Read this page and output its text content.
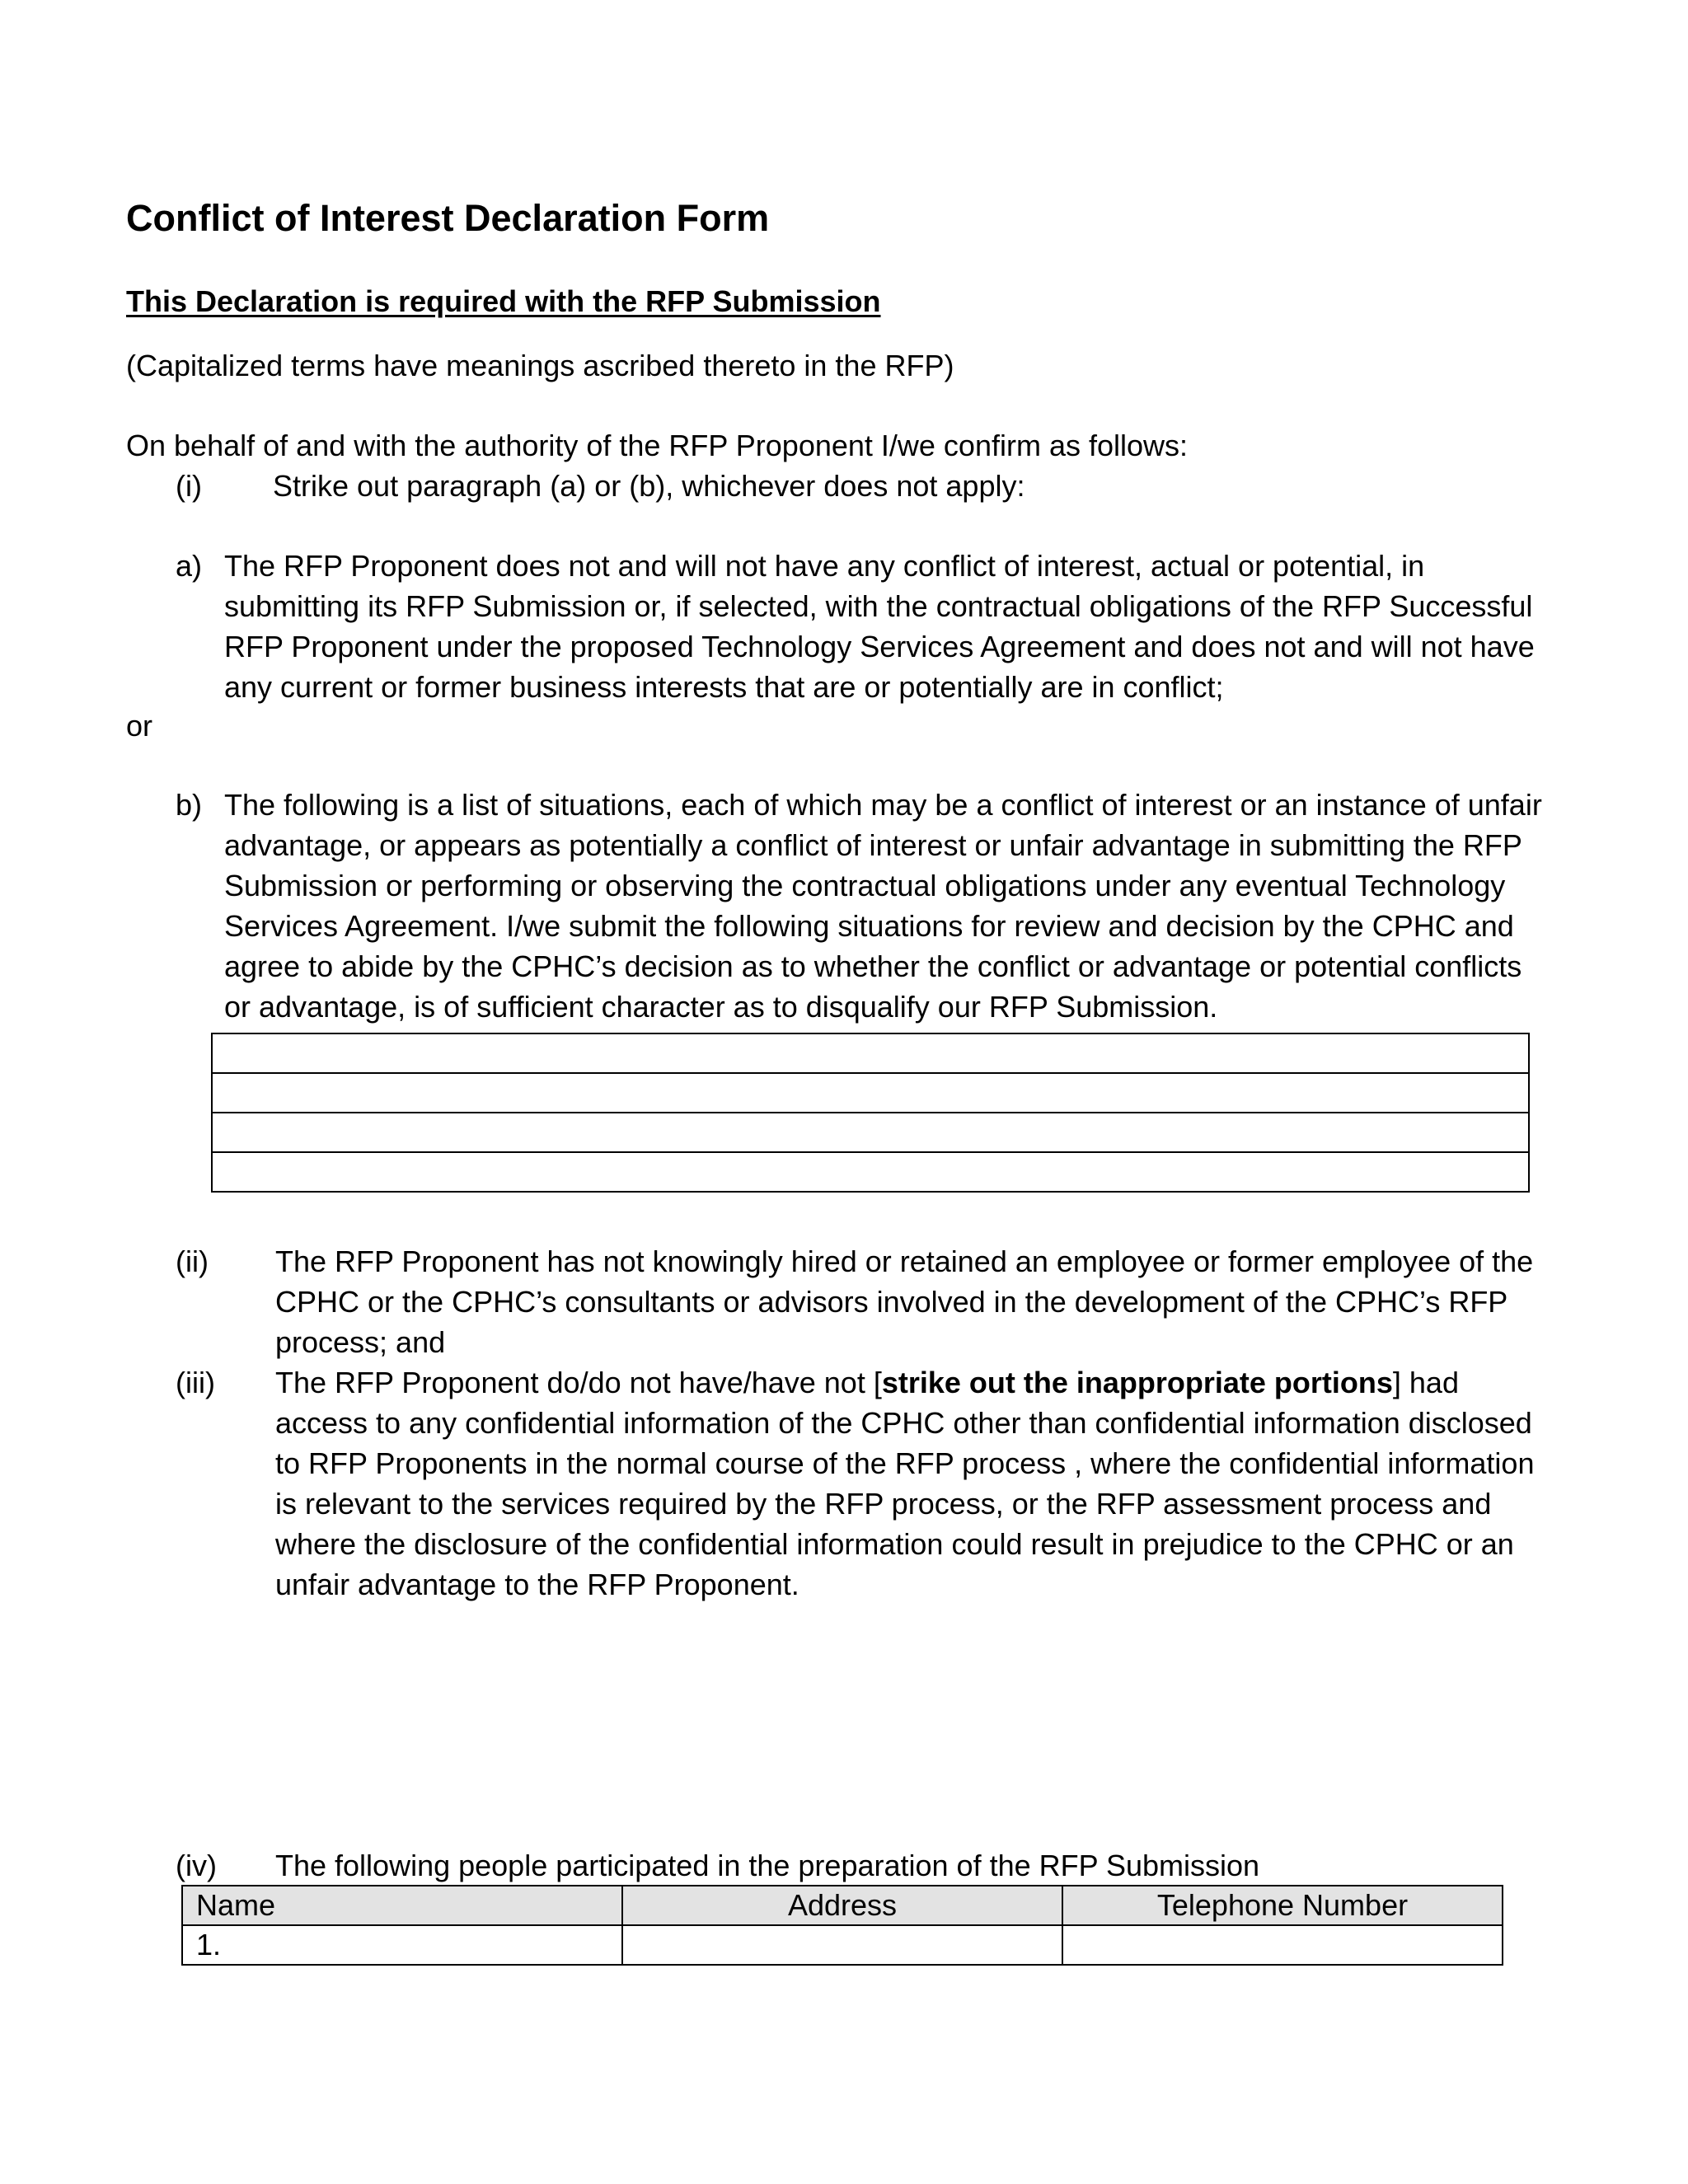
Conflict of Interest Declaration Form
This Declaration is required with the RFP Submission
(Capitalized terms have meanings ascribed thereto in the RFP)
On behalf of and with the authority of the RFP Proponent I/we confirm as follows:
(i) Strike out paragraph (a) or (b), whichever does not apply:
a) The RFP Proponent does not and will not have any conflict of interest, actual or potential, in submitting its RFP Submission or, if selected, with the contractual obligations of the RFP Successful RFP Proponent under the proposed Technology Services Agreement and does not and will not have any current or former business interests that are or potentially are in conflict;
or
b) The following is a list of situations, each of which may be a conflict of interest or an instance of unfair advantage, or appears as potentially a conflict of interest or unfair advantage in submitting the RFP Submission or performing or observing the contractual obligations under any eventual Technology Services Agreement. I/we submit the following situations for review and decision by the CPHC and agree to abide by the CPHC’s decision as to whether the conflict or advantage or potential conflicts or advantage, is of sufficient character as to disqualify our RFP Submission.

(ii) The RFP Proponent has not knowingly hired or retained an employee or former employee of the CPHC or the CPHC’s consultants or advisors involved in the development of the CPHC’s RFP process; and
(iii) The RFP Proponent do/do not have/have not [strike out the inappropriate portions] had access to any confidential information of the CPHC other than confidential information disclosed to RFP Proponents in the normal course of the RFP process , where the confidential information is relevant to the services required by the RFP process, or the RFP assessment process and where the disclosure of the confidential information could result in prejudice to the CPHC or an unfair advantage to the RFP Proponent.
(iv) The following people participated in the preparation of the RFP Submission
Name	Address	Telephone Number
1.		
